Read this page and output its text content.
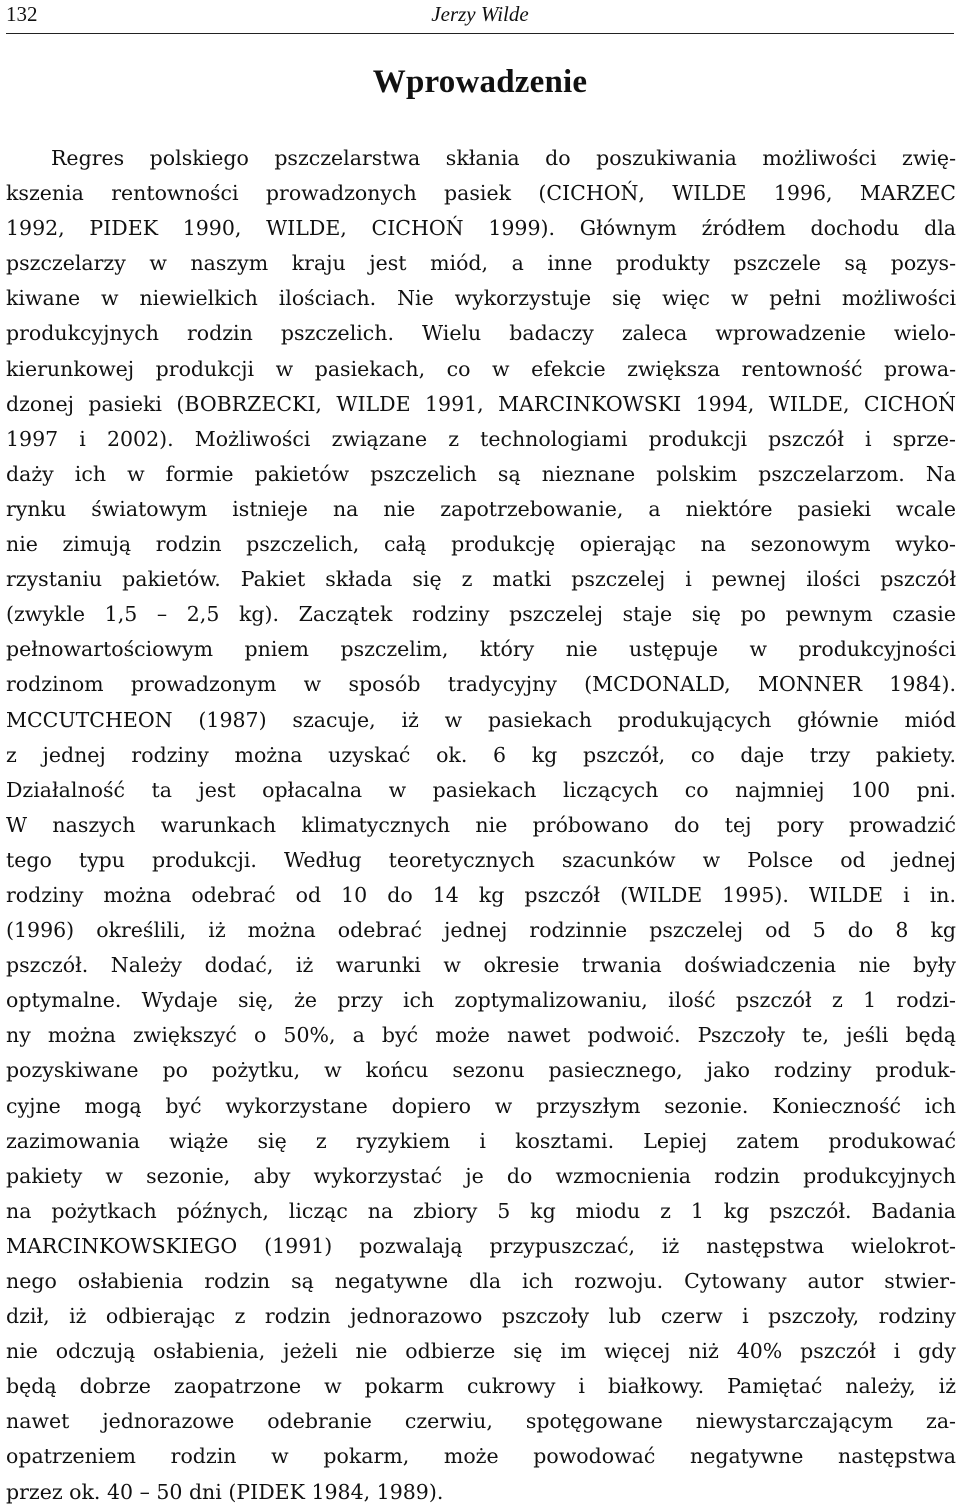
132	Jerzy Wilde
Wprowadzenie
Regres polskiego pszczelarstwa skłania do poszukiwania możliwości zwię-
kszenia rentowności prowadzonych pasiek (CICHOŃ, WILDE 1996, MARZEC
1992, PIDEK 1990, WILDE, CICHOŃ 1999). Głównym źródłem dochodu dla
pszczelarzy w naszym kraju jest miód, a inne produkty pszczele są pozys-
kiwane w niewielkich ilościach. Nie wykorzystuje się więc w pełni możliwości
produkcyjnych rodzin pszczelich. Wielu badaczy zaleca wprowadzenie wielo-
kierunkowej produkcji w pasiekach, co w efekcie zwiększa rentowność prowa-
dzonej pasieki (BOBRZECKI, WILDE 1991, MARCINKOWSKI 1994, WILDE, CICHOŃ
1997 i 2002). Możliwości związane z technologiami produkcji pszczół i sprze-
daży ich w formie pakietów pszczelich są nieznane polskim pszczelarzom. Na
rynku światowym istnieje na nie zapotrzebowanie, a niektóre pasieki wcale
nie zimują rodzin pszczelich, całą produkcję opierając na sezonowym wyko-
rzystaniu pakietów. Pakiet składa się z matki pszczelej i pewnej ilości pszczół
(zwykle 1,5 – 2,5 kg). Zaczątek rodziny pszczelej staje się po pewnym czasie
pełnowartościowym pniem pszczelim, który nie ustępuje w produkcyjności
rodzinom prowadzonym w sposób tradycyjny (MCDONALD, MONNER 1984).
MCCUTCHEON (1987) szacuje, iż w pasiekach produkujących głównie miód
z jednej rodziny można uzyskać ok. 6 kg pszczół, co daje trzy pakiety.
Działalność ta jest opłacalna w pasiekach liczących co najmniej 100 pni.
W naszych warunkach klimatycznych nie próbowano do tej pory prowadzić
tego typu produkcji. Według teoretycznych szacunków w Polsce od jednej
rodziny można odebrać od 10 do 14 kg pszczół (WILDE 1995). WILDE i in.
(1996) określili, iż można odebrać jednej rodzinnie pszczelej od 5 do 8 kg
pszczół. Należy dodać, iż warunki w okresie trwania doświadczenia nie były
optymalne. Wydaje się, że przy ich zoptymalizowaniu, ilość pszczół z 1 rodzi-
ny można zwiększyć o 50%, a być może nawet podwoić. Pszczoły te, jeśli będą
pozyskiwane po pożytku, w końcu sezonu pasiecznego, jako rodziny produk-
cyjne mogą być wykorzystane dopiero w przyszłym sezonie. Konieczność ich
zazimowania wiąże się z ryzykiem i kosztami. Lepiej zatem produkować
pakiety w sezonie, aby wykorzystać je do wzmocnienia rodzin produkcyjnych
na pożytkach późnych, licząc na zbiory 5 kg miodu z 1 kg pszczół. Badania
MARCINKOWSKIEGO (1991) pozwalają przypuszczać, iż następstwa wielokrot-
nego osłabienia rodzin są negatywne dla ich rozwoju. Cytowany autor stwier-
dził, iż odbierając z rodzin jednorazowo pszczoły lub czerw i pszczoły, rodziny
nie odczują osłabienia, jeżeli nie odbierze się im więcej niż 40% pszczół i gdy
będą dobrze zaopatrzone w pokarm cukrowy i białkowy. Pamiętać należy, iż
nawet jednorazowe odebranie czerwiu, spotęgowane niewystarczającym za-
opatrzeniem rodzin w pokarm, może powodować negatywne następstwa
przez ok. 40 – 50 dni (PIDEK 1984, 1989).
